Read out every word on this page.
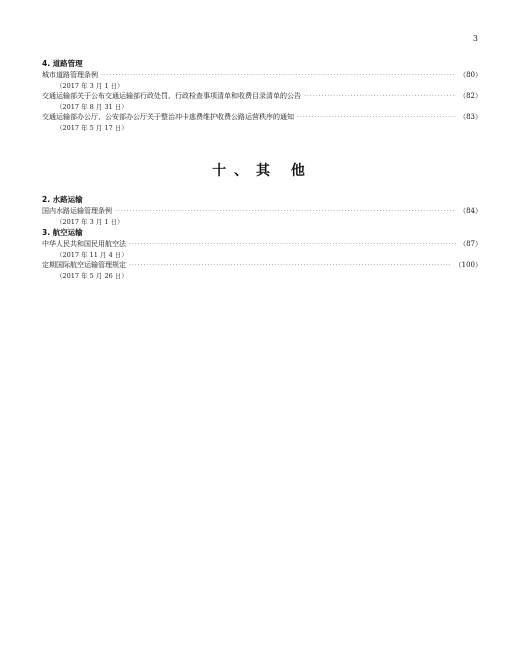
3
4. 道路管理
城市道路管理条例 ·····	（80）
（2017 年 3 月 1 日）
交通运输部关于公布交通运输部行政处罚、行政检查事项清单和收费目录清单的公告 ·····	（82）
（2017 年 8 月 31 日）
交通运输部办公厅、公安部办公厅关于整治冲卡逃费维护收费公路运营秩序的通知 ·····	（83）
（2017 年 5 月 17 日）
十、其 他
2. 水路运输
国内水路运输管理条例 ·····	（84）
（2017 年 3 月 1 日）
3. 航空运输
中华人民共和国民用航空法 ·····	（87）
（2017 年 11 月 4 日）
定期国际航空运输管理规定 ·····	（100）
（2017 年 5 月 26 日）
